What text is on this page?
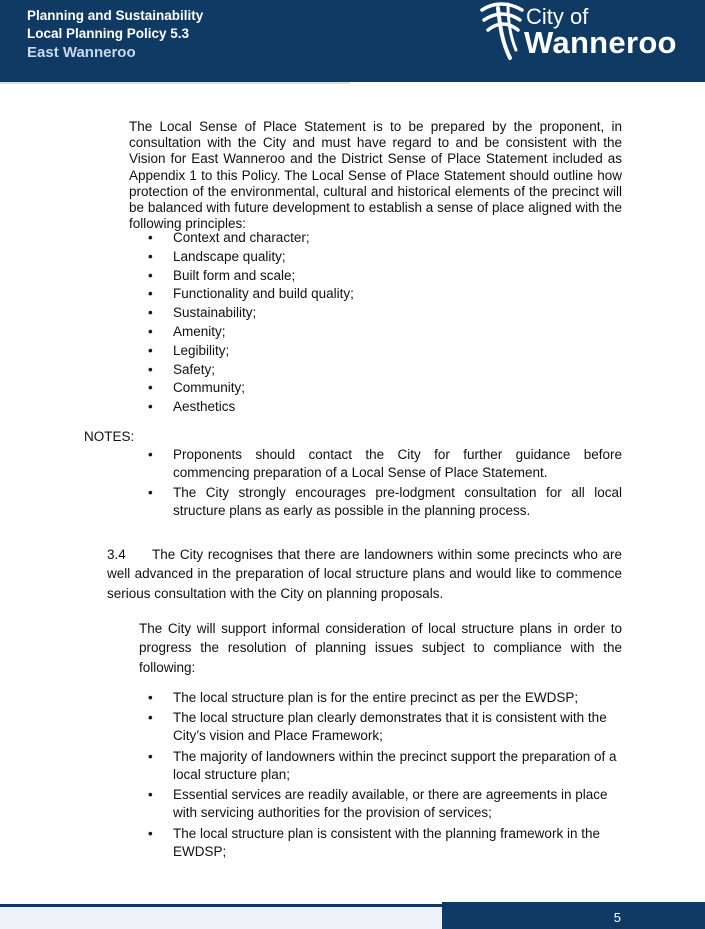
Planning and Sustainability
Local Planning Policy 5.3
East Wanneroo
City of
Wanneroo

The Local Sense of Place Statement is to be prepared by the proponent, in consultation with the City and must have regard to and be consistent with the Vision for East Wanneroo and the District Sense of Place Statement included as Appendix 1 to this Policy. The Local Sense of Place Statement should outline how protection of the environmental, cultural and historical elements of the precinct will be balanced with future development to establish a sense of place aligned with the following principles:

• Context and character;
• Landscape quality;
• Built form and scale;
• Functionality and build quality;
• Sustainability;
• Amenity;
• Legibility;
• Safety;
• Community;
• Aesthetics

NOTES:

• Proponents should contact the City for further guidance before commencing preparation of a Local Sense of Place Statement.
• The City strongly encourages pre-lodgment consultation for all local structure plans as early as possible in the planning process.

3.4 The City recognises that there are landowners within some precincts who are well advanced in the preparation of local structure plans and would like to commence serious consultation with the City on planning proposals.

The City will support informal consideration of local structure plans in order to progress the resolution of planning issues subject to compliance with the following:

• The local structure plan is for the entire precinct as per the EWDSP;
• The local structure plan clearly demonstrates that it is consistent with the City’s vision and Place Framework;
• The majority of landowners within the precinct support the preparation of a local structure plan;
• Essential services are readily available, or there are agreements in place with servicing authorities for the provision of services;
• The local structure plan is consistent with the planning framework in the EWDSP;
5
